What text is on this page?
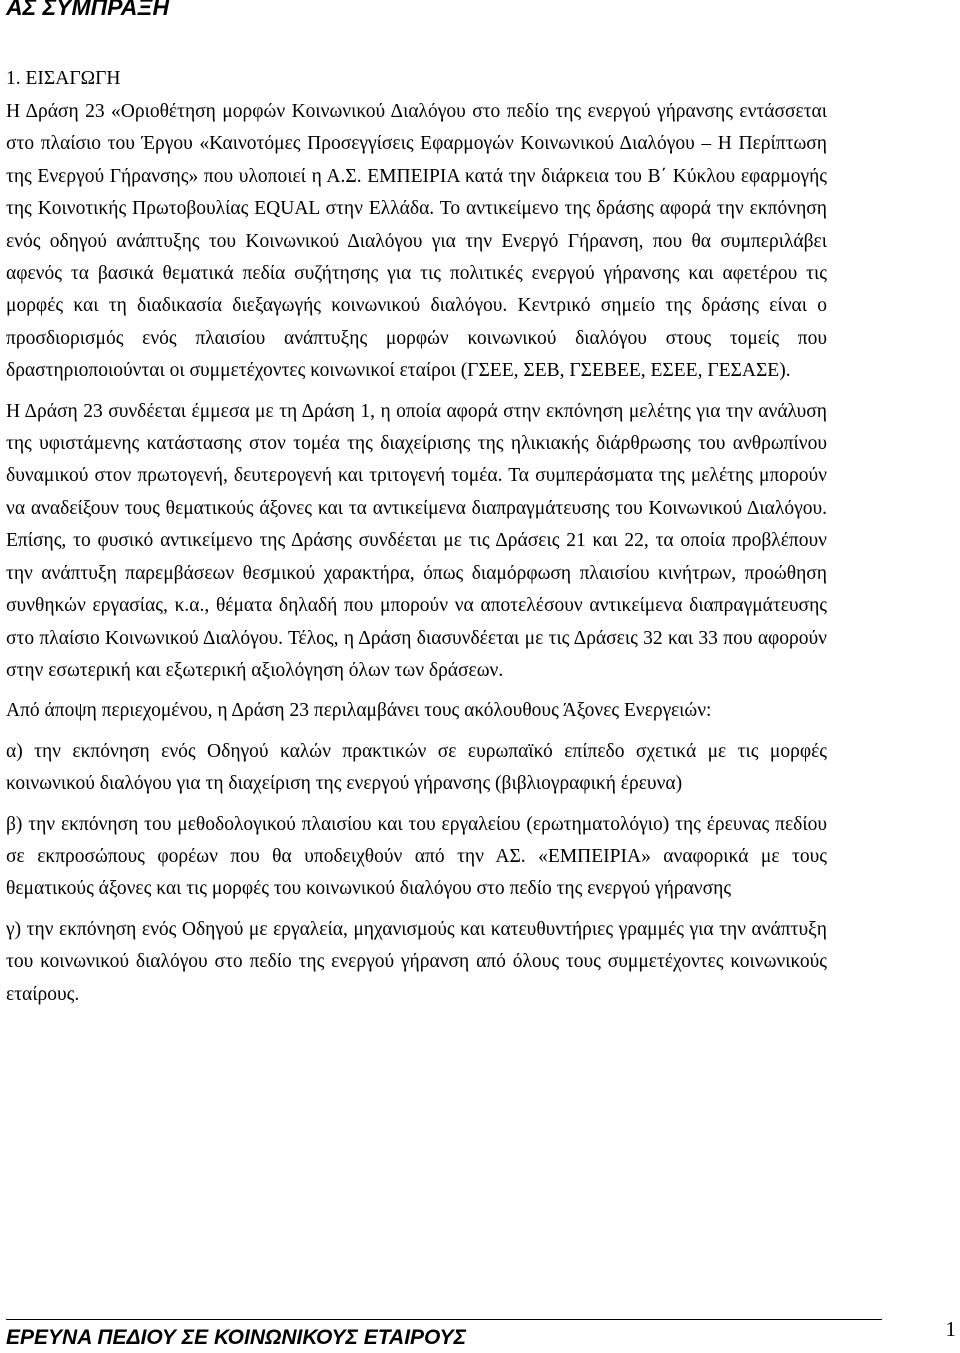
ΑΣ ΣΥΜΠΡΑΞΗ
1. ΕΙΣΑΓΩΓΗ

Η Δράση 23 «Οριοθέτηση μορφών Κοινωνικού Διαλόγου στο πεδίο της ενεργού γήρανσης εντάσσεται στο πλαίσιο του Έργου «Καινοτόμες Προσεγγίσεις Εφαρμογών Κοινωνικού Διαλόγου – Η Περίπτωση της Ενεργού Γήρανσης» που υλοποιεί η Α.Σ. ΕΜΠΕΙΡΙΑ κατά την διάρκεια του Β΄ Κύκλου εφαρμογής της Κοινοτικής Πρωτοβουλίας EQUAL στην Ελλάδα. Το αντικείμενο της δράσης αφορά την εκπόνηση ενός οδηγού ανάπτυξης του Κοινωνικού Διαλόγου για την Ενεργό Γήρανση, που θα συμπεριλάβει αφενός τα βασικά θεματικά πεδία συζήτησης για τις πολιτικές ενεργού γήρανσης και αφετέρου τις μορφές και τη διαδικασία διεξαγωγής κοινωνικού διαλόγου. Κεντρικό σημείο της δράσης είναι ο προσδιορισμός ενός πλαισίου ανάπτυξης μορφών κοινωνικού διαλόγου στους τομείς που δραστηριοποιούνται οι συμμετέχοντες κοινωνικοί εταίροι (ΓΣΕΕ, ΣΕΒ, ΓΣΕΒΕΕ, ΕΣΕΕ, ΓΕΣΑΣΕ).

Η Δράση 23 συνδέεται έμμεσα με τη Δράση 1, η οποία αφορά στην εκπόνηση μελέτης για την ανάλυση της υφιστάμενης κατάστασης στον τομέα της διαχείρισης της ηλικιακής διάρθρωσης του ανθρωπίνου δυναμικού στον πρωτογενή, δευτερογενή και τριτογενή τομέα. Τα συμπεράσματα της μελέτης μπορούν να αναδείξουν τους θεματικούς άξονες και τα αντικείμενα διαπραγμάτευσης του Κοινωνικού Διαλόγου. Επίσης, το φυσικό αντικείμενο της Δράσης συνδέεται με τις Δράσεις 21 και 22, τα οποία προβλέπουν την ανάπτυξη παρεμβάσεων θεσμικού χαρακτήρα, όπως διαμόρφωση πλαισίου κινήτρων, προώθηση συνθηκών εργασίας, κ.α., θέματα δηλαδή που μπορούν να αποτελέσουν αντικείμενα διαπραγμάτευσης στο πλαίσιο Κοινωνικού Διαλόγου. Τέλος, η Δράση διασυνδέεται με τις Δράσεις 32 και 33 που αφορούν στην εσωτερική και εξωτερική αξιολόγηση όλων των δράσεων.

Από άποψη περιεχομένου, η Δράση 23 περιλαμβάνει τους ακόλουθους Άξονες Ενεργειών:

α) την εκπόνηση ενός Οδηγού καλών πρακτικών σε ευρωπαϊκό επίπεδο σχετικά με τις μορφές κοινωνικού διαλόγου για τη διαχείριση της ενεργού γήρανσης (βιβλιογραφική έρευνα)

β) την εκπόνηση του μεθοδολογικού πλαισίου και του εργαλείου (ερωτηματολόγιο) της έρευνας πεδίου σε εκπροσώπους φορέων που θα υποδειχθούν από την ΑΣ. «ΕΜΠΕΙΡΙΑ» αναφορικά με τους θεματικούς άξονες και τις μορφές του κοινωνικού διαλόγου στο πεδίο της ενεργού γήρανσης

γ) την εκπόνηση ενός Οδηγού με εργαλεία, μηχανισμούς και κατευθυντήριες γραμμές για την ανάπτυξη του κοινωνικού διαλόγου στο πεδίο της ενεργού γήρανση από όλους τους συμμετέχοντες κοινωνικούς εταίρους.

ΕΡΕΥΝΑ ΠΕΔΙΟΥ ΣΕ ΚΟΙΝΩΝΙΚΟΥΣ ΕΤΑΙΡΟΥΣ	1
